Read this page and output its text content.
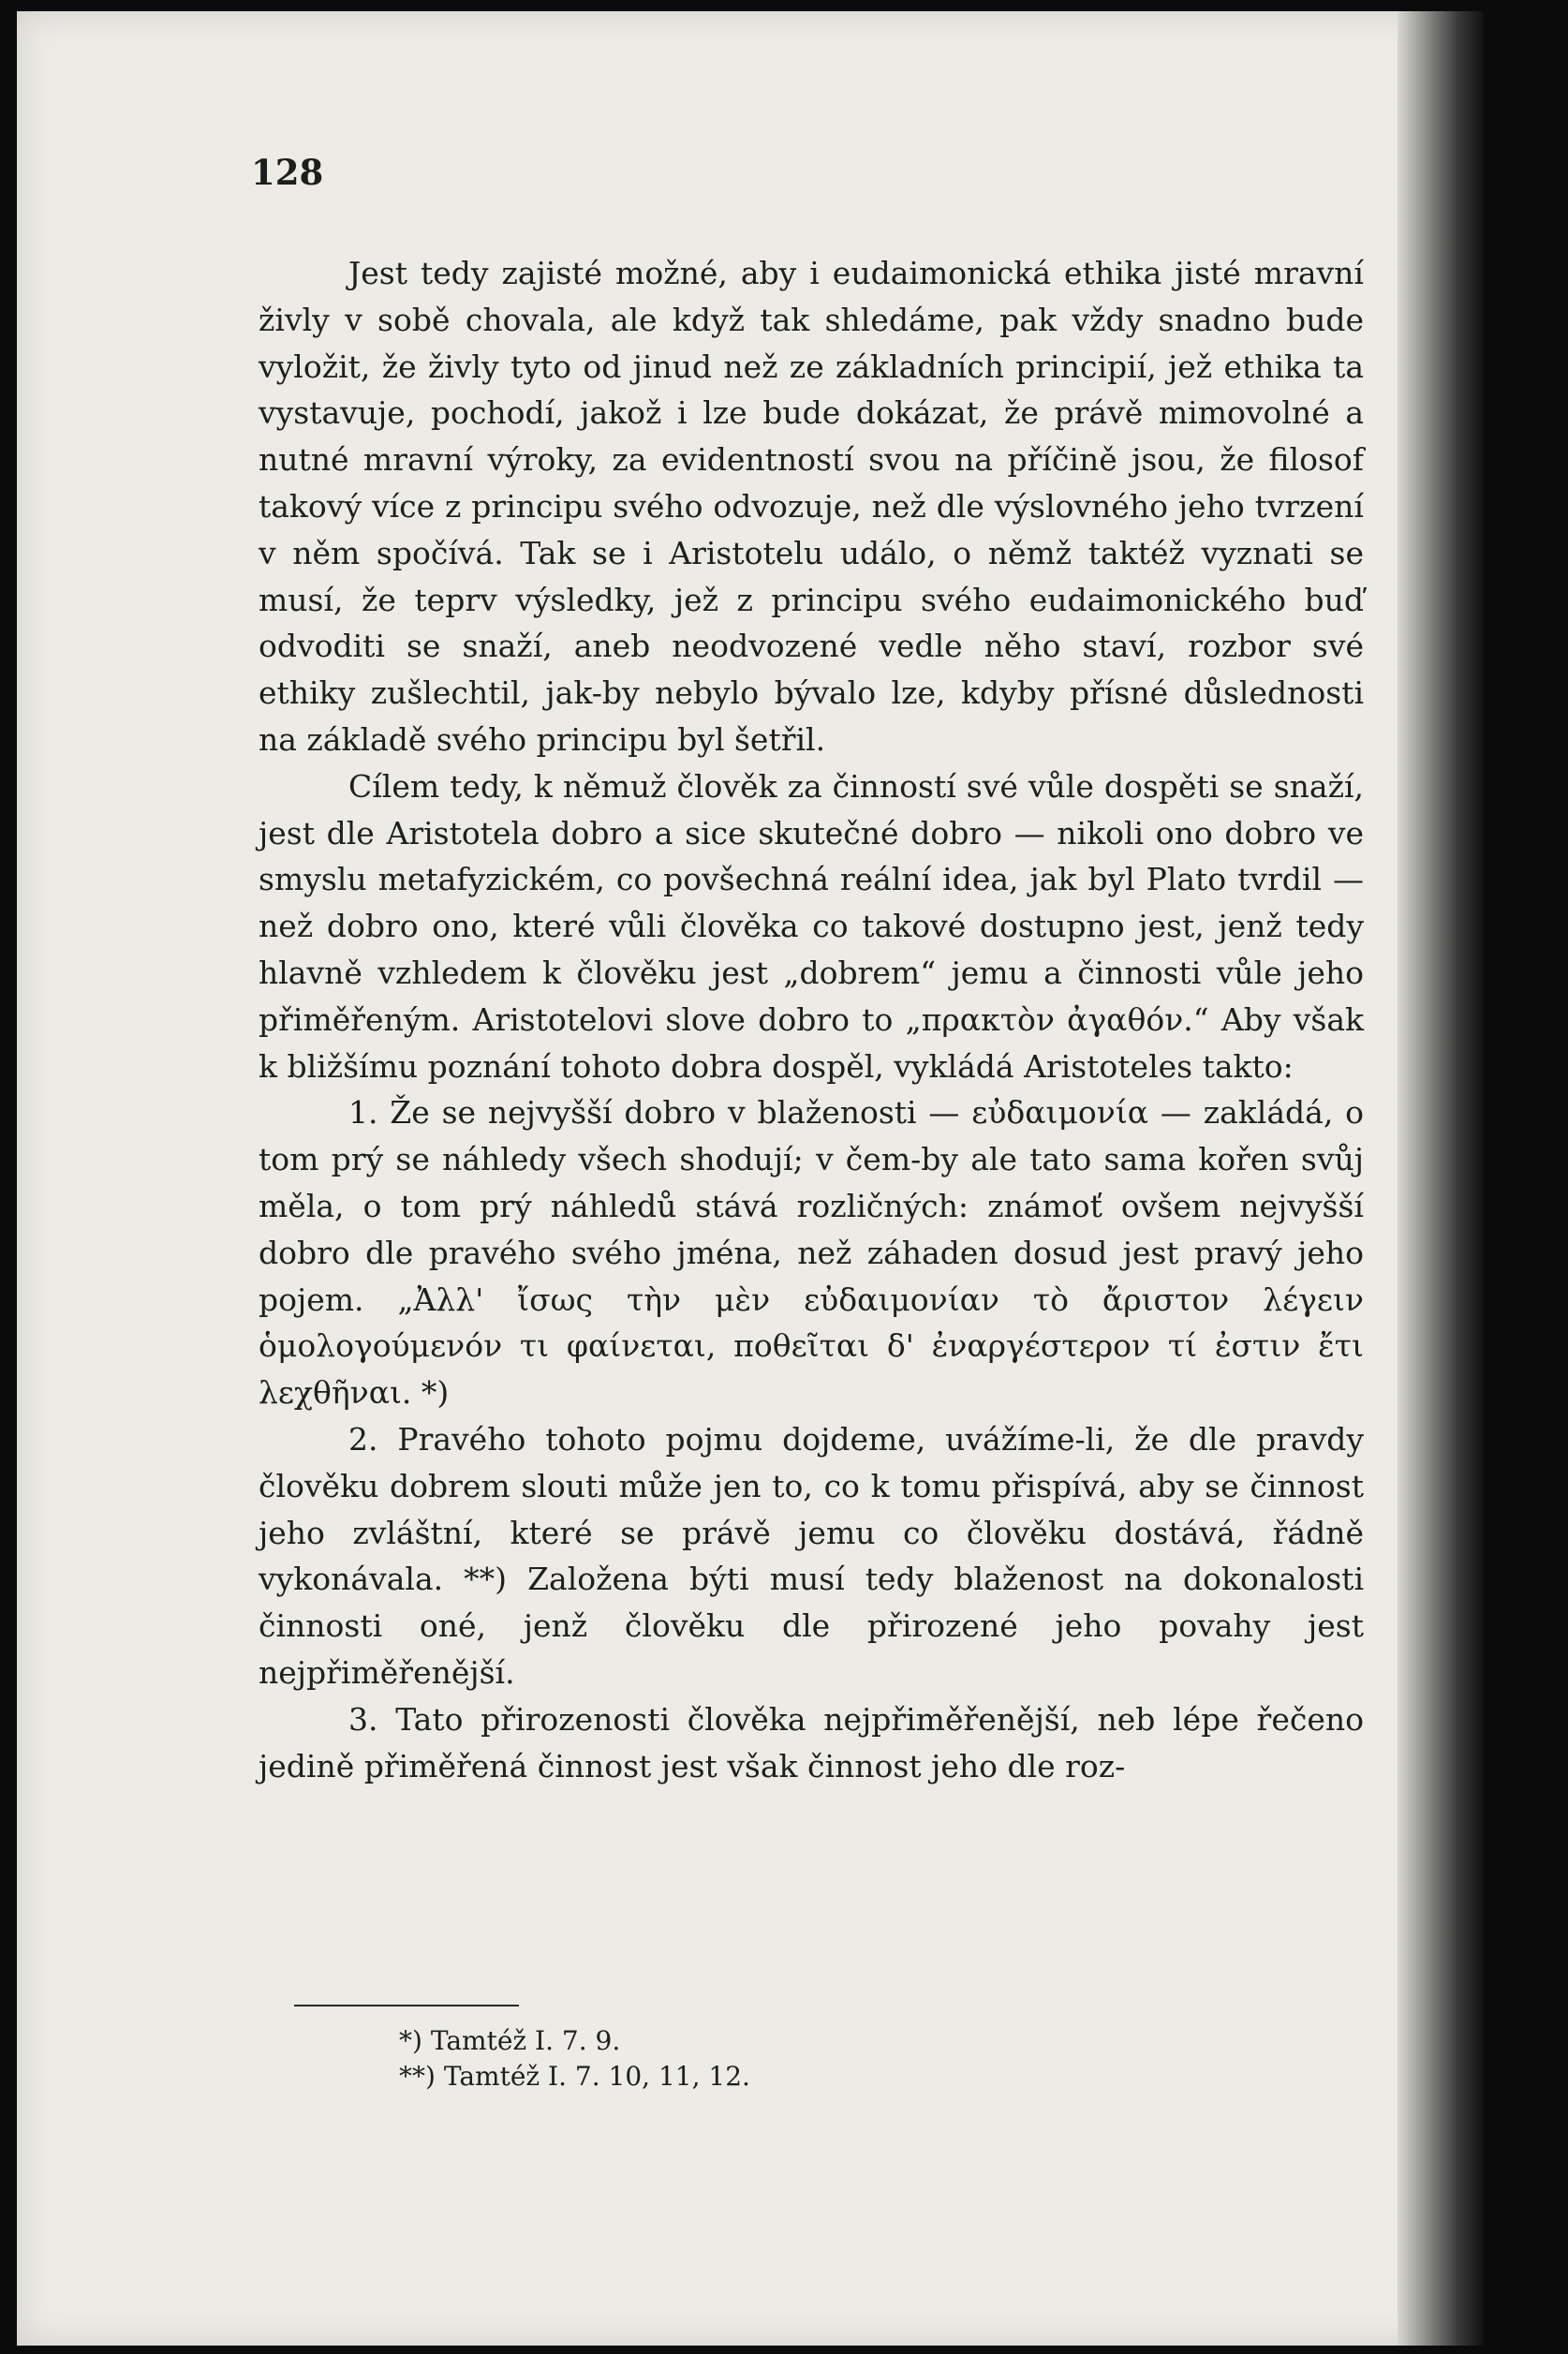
128

Jest tedy zajisté možné, aby i eudaimonická ethika jisté mravní živly v sobě chovala, ale když tak shledáme, pak vždy snadno bude vyložit, že živly tyto od jinud než ze základních principií, jež ethika ta vystavuje, pochodí, jakož i lze bude dokázat, že právě mimovolné a nutné mravní výroky, za evidentností svou na příčině jsou, že filosof takový více z principu svého odvozuje, než dle výslovného jeho tvrzení v něm spočívá. Tak se i Aristotelu událo, o němž taktéž vyznati se musí, že teprv výsledky, jež z principu svého eudaimonického buď odvoditi se snaží, aneb neodvozené vedle něho staví, rozbor své ethiky zušlechtil, jak-by nebylo bývalo lze, kdyby přísné důslednosti na základě svého principu byl šetřil.

Cílem tedy, k němuž člověk za činností své vůle dospěti se snaží, jest dle Aristotela dobro a sice skutečné dobro — nikoli ono dobro ve smyslu metafyzickém, co povšechná reální idea, jak byl Plato tvrdil — než dobro ono, které vůli člověka co takové dostupno jest, jenž tedy hlavně vzhledem k člověku jest „dobrem“ jemu a činnosti vůle jeho přiměřeným. Aristotelovi slove dobro to „πρακτὸν ἀγαθόν.“ Aby však k bližšímu poznání tohoto dobra dospěl, vykládá Aristoteles takto:

1. Že se nejvyšší dobro v blaženosti — εὐδαιμονία — zakládá, o tom prý se náhledy všech shodují; v čem-by ale tato sama kořen svůj měla, o tom prý náhledů stává rozličných: známoť ovšem nejvyšší dobro dle pravého svého jména, než záhaden dosud jest pravý jeho pojem. „Ἀλλ' ἴσως τὴν μὲν εὐδαιμονίαν τὸ ἄριστον λέγειν ὁμολογούμενόν τι φαίνεται, ποθεῖται δ' ἐναργέστερον τί ἐστιν ἔτι λεχθῆναι. *)

2. Pravého tohoto pojmu dojdeme, uvážíme-li, že dle pravdy člověku dobrem slouti může jen to, co k tomu přispívá, aby se činnost jeho zvláštní, které se právě jemu co člověku dostává, řádně vykonávala. **) Založena býti musí tedy blaženost na dokonalosti činnosti oné, jenž člověku dle přirozené jeho povahy jest nejpřiměřenější.

3. Tato přirozenosti člověka nejpřiměřenější, neb lépe řečeno jedině přiměřená činnost jest však činnost jeho dle roz-

*) Tamtéž I. 7. 9.
**) Tamtéž I. 7. 10, 11, 12.
